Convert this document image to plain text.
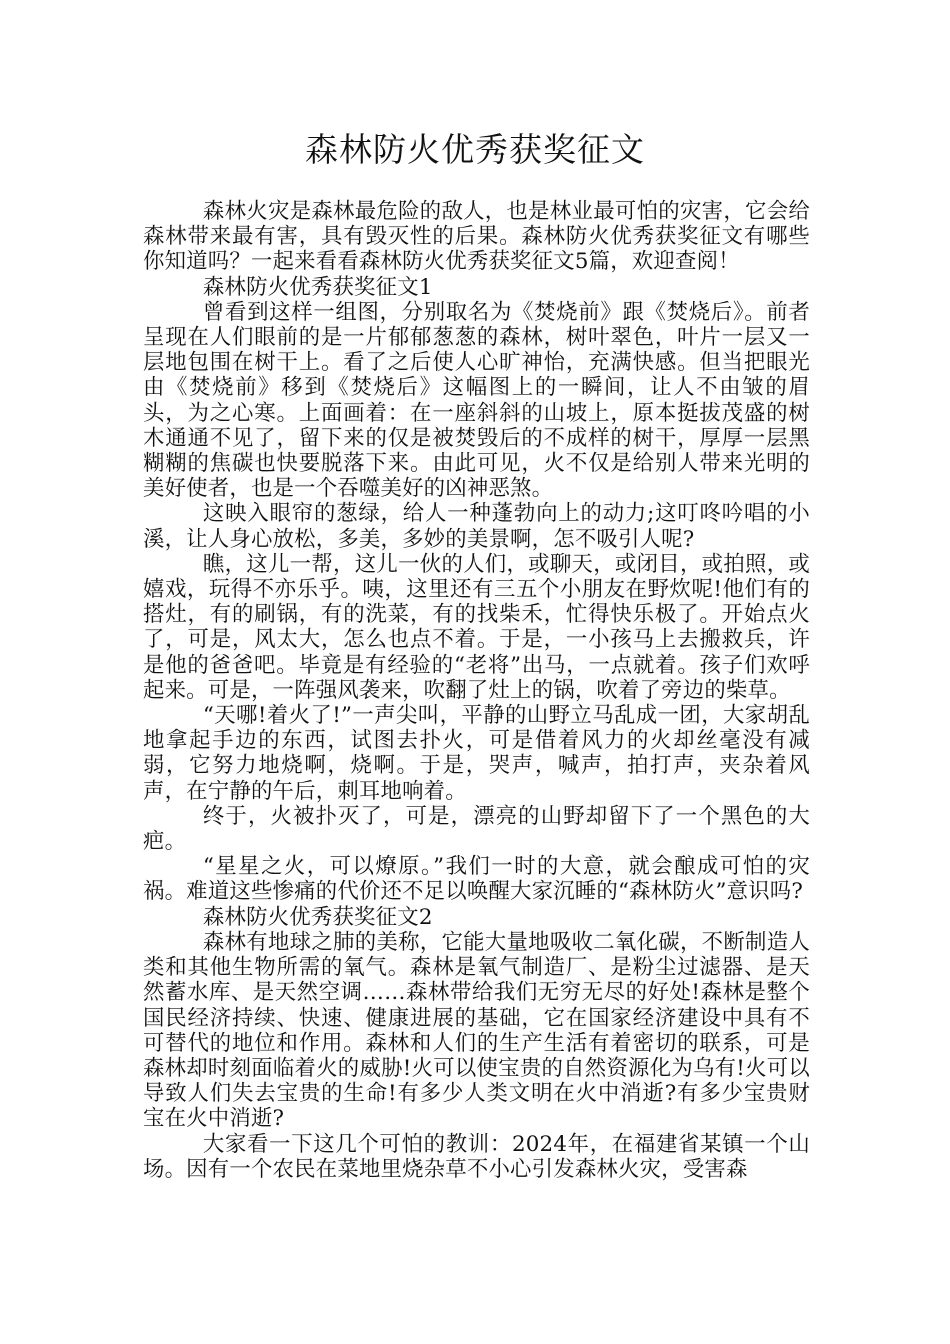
森林防火优秀获奖征文

森林火灾是森林最危险的敌人，也是林业最可怕的灾害，它会给森林带来最有害，具有毁灭性的后果。森林防火优秀获奖征文有哪些你知道吗？一起来看看森林防火优秀获奖征文5篇，欢迎查阅！

森林防火优秀获奖征文1

曾看到这样一组图，分别取名为《焚烧前》跟《焚烧后》。前者呈现在人们眼前的是一片郁郁葱葱的森林，树叶翠色，叶片一层又一层地包围在树干上。看了之后使人心旷神怡，充满快感。但当把眼光由《焚烧前》移到《焚烧后》这幅图上的一瞬间，让人不由皱的眉头，为之心寒。上面画着：在一座斜斜的山坡上，原本挺拔茂盛的树木通通不见了，留下来的仅是被焚毁后的不成样的树干，厚厚一层黑糊糊的焦碳也快要脱落下来。由此可见，火不仅是给别人带来光明的美好使者，也是一个吞噬美好的凶神恶煞。

这映入眼帘的葱绿，给人一种蓬勃向上的动力;这叮咚吟唱的小溪，让人身心放松，多美，多妙的美景啊，怎不吸引人呢?

瞧，这儿一帮，这儿一伙的人们，或聊天，或闭目，或拍照，或嬉戏，玩得不亦乐乎。咦，这里还有三五个小朋友在野炊呢!他们有的搭灶，有的刷锅，有的洗菜，有的找柴禾，忙得快乐极了。开始点火了，可是，风太大，怎么也点不着。于是，一小孩马上去搬救兵，许是他的爸爸吧。毕竟是有经验的“老将”出马，一点就着。孩子们欢呼起来。可是，一阵强风袭来，吹翻了灶上的锅，吹着了旁边的柴草。

“天哪!着火了!”一声尖叫，平静的山野立马乱成一团，大家胡乱地拿起手边的东西，试图去扑火，可是借着风力的火却丝毫没有减弱，它努力地烧啊，烧啊。于是，哭声，喊声，拍打声，夹杂着风声，在宁静的午后，刺耳地响着。

终于，火被扑灭了，可是，漂亮的山野却留下了一个黑色的大疤。

“星星之火，可以燎原。”我们一时的大意，就会酿成可怕的灾祸。难道这些惨痛的代价还不足以唤醒大家沉睡的“森林防火”意识吗?

森林防火优秀获奖征文2

森林有地球之肺的美称，它能大量地吸收二氧化碳，不断制造人类和其他生物所需的氧气。森林是氧气制造厂、是粉尘过滤器、是天然蓄水库、是天然空调……森林带给我们无穷无尽的好处!森林是整个国民经济持续、快速、健康进展的基础，它在国家经济建设中具有不可替代的地位和作用。森林和人们的生产生活有着密切的联系，可是森林却时刻面临着火的威胁!火可以使宝贵的自然资源化为乌有!火可以导致人们失去宝贵的生命!有多少人类文明在火中消逝?有多少宝贵财宝在火中消逝?

大家看一下这几个可怕的教训：2024年，在福建省某镇一个山场。因有一个农民在菜地里烧杂草不小心引发森林火灾，受害森
